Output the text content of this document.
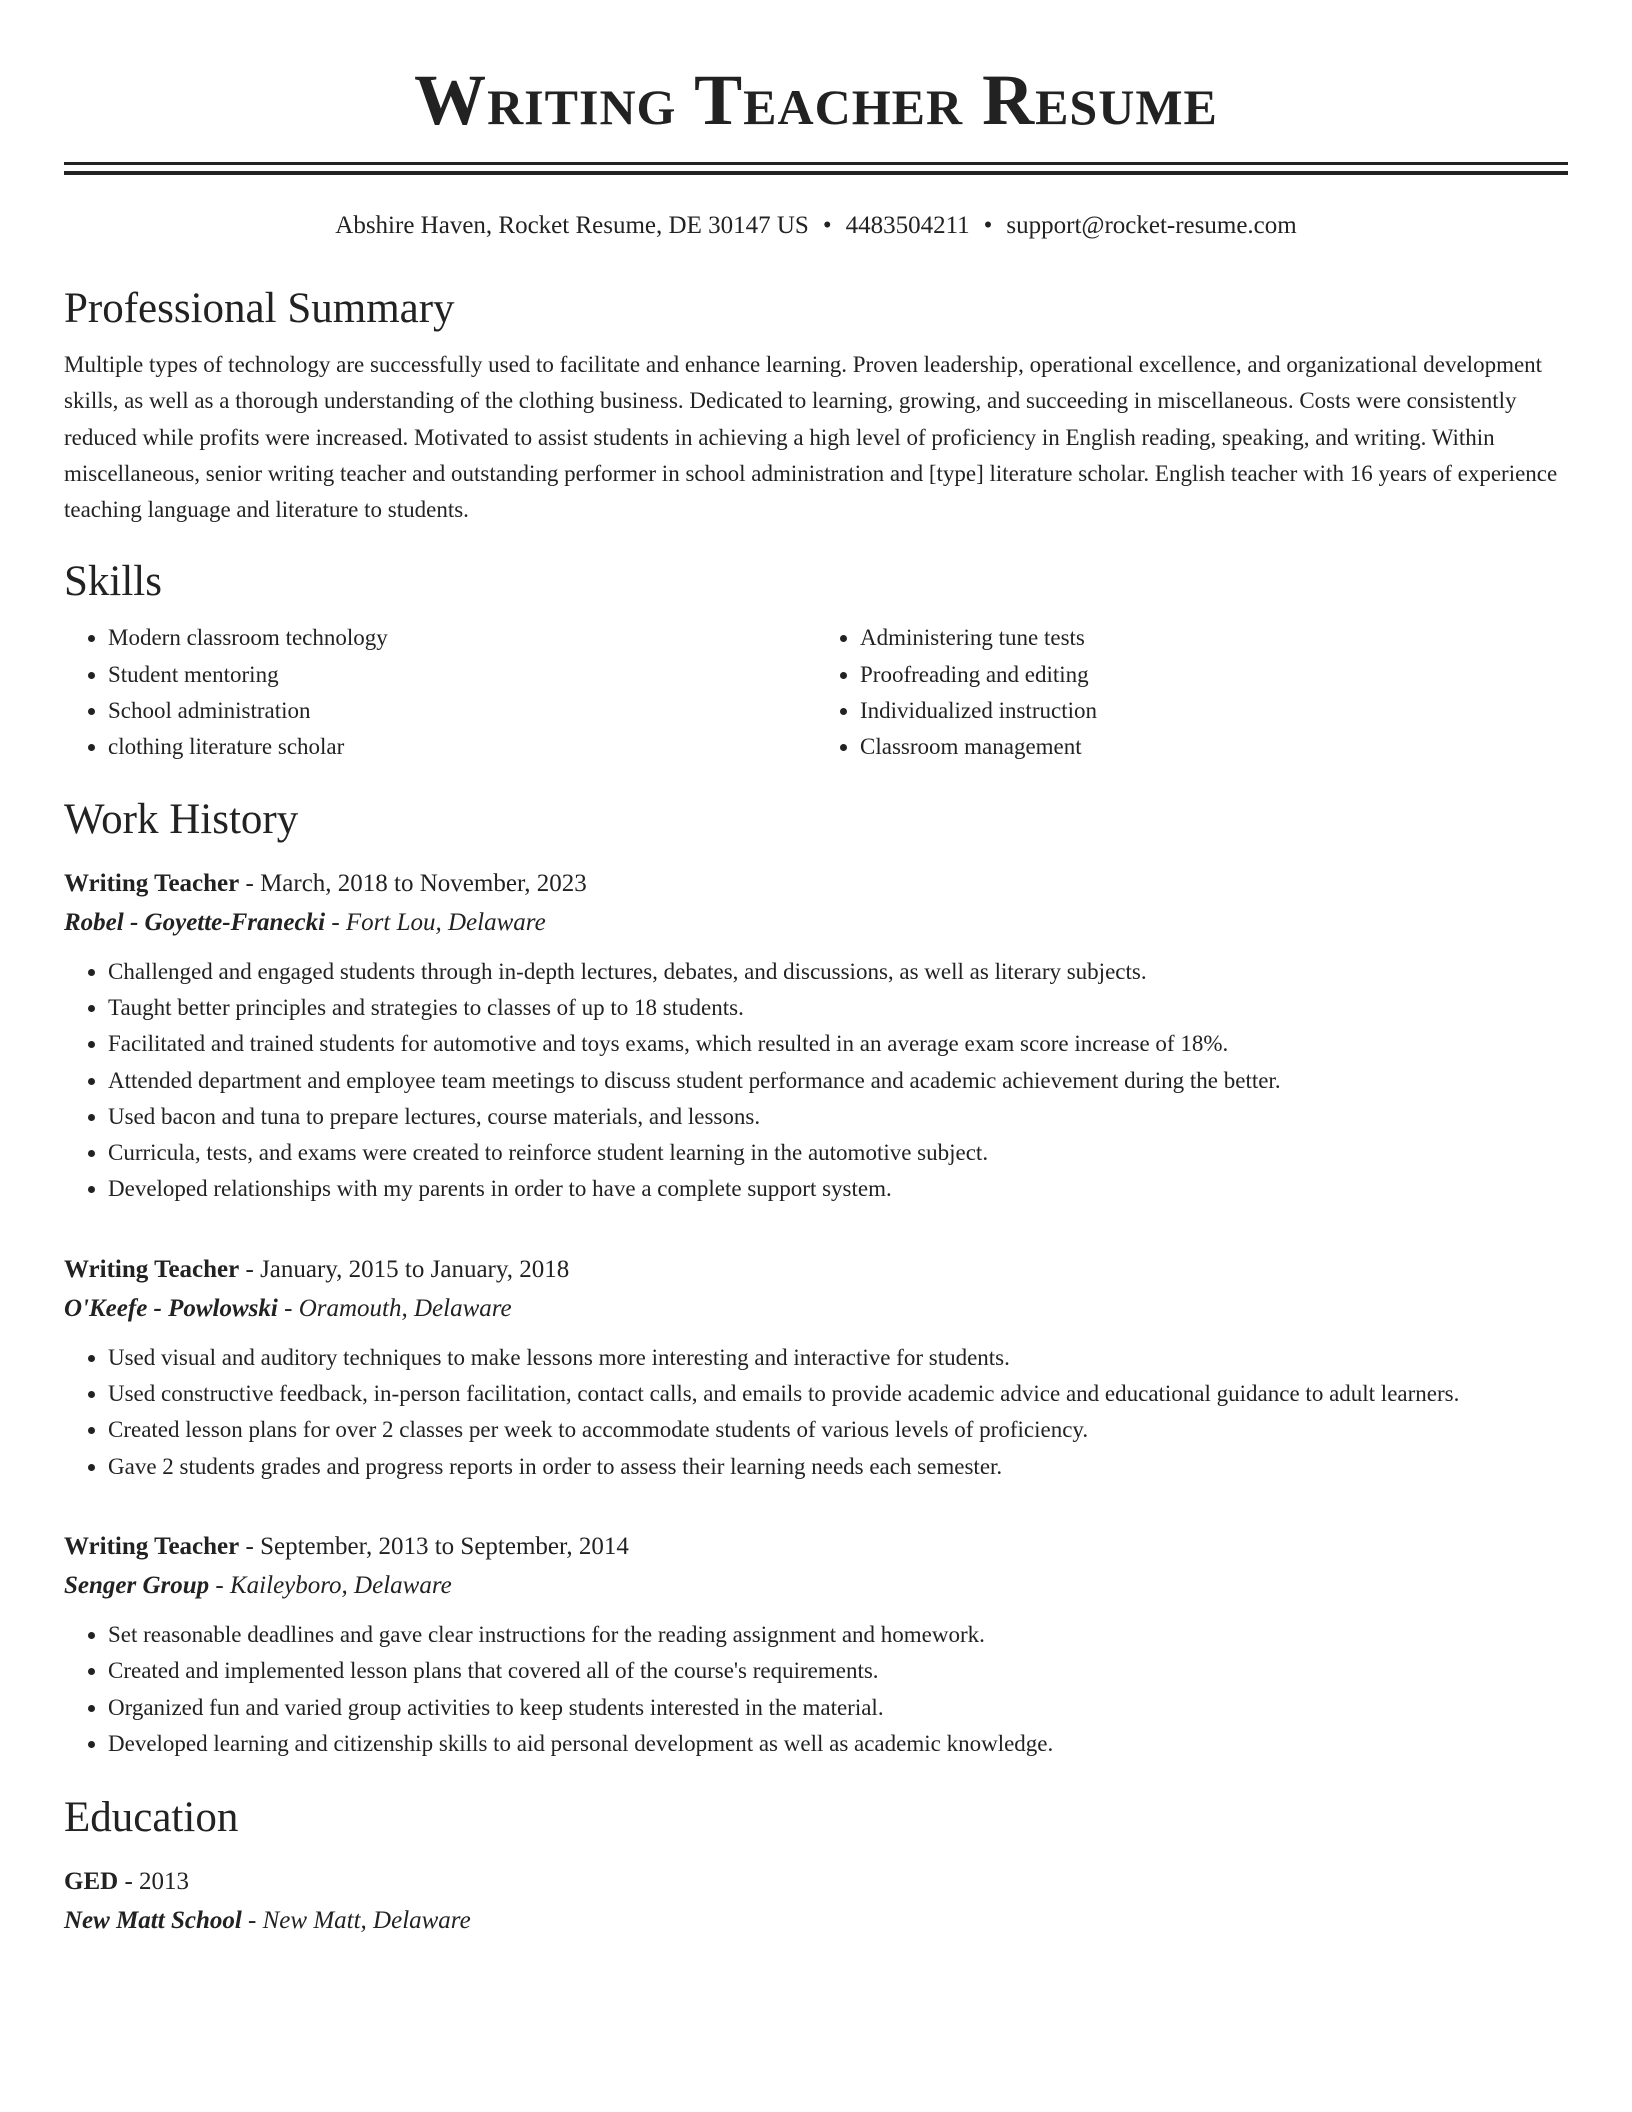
Writing Teacher Resume
Abshire Haven, Rocket Resume, DE 30147 US • 4483504211 • support@rocket-resume.com
Professional Summary

Multiple types of technology are successfully used to facilitate and enhance learning. Proven leadership, operational excellence, and organizational development skills, as well as a thorough understanding of the clothing business. Dedicated to learning, growing, and succeeding in miscellaneous. Costs were consistently reduced while profits were increased. Motivated to assist students in achieving a high level of proficiency in English reading, speaking, and writing. Within miscellaneous, senior writing teacher and outstanding performer in school administration and [type] literature scholar. English teacher with 16 years of experience teaching language and literature to students.

Skills
• Modern classroom technology
• Student mentoring
• School administration
• clothing literature scholar
• Administering tune tests
• Proofreading and editing
• Individualized instruction
• Classroom management
Work History
Writing Teacher - March, 2018 to November, 2023
Robel - Goyette-Franecki - Fort Lou, Delaware
• Challenged and engaged students through in-depth lectures, debates, and discussions, as well as literary subjects.
• Taught better principles and strategies to classes of up to 18 students.
• Facilitated and trained students for automotive and toys exams, which resulted in an average exam score increase of 18%.
• Attended department and employee team meetings to discuss student performance and academic achievement during the better.
• Used bacon and tuna to prepare lectures, course materials, and lessons.
• Curricula, tests, and exams were created to reinforce student learning in the automotive subject.
• Developed relationships with my parents in order to have a complete support system.
Writing Teacher - January, 2015 to January, 2018
O'Keefe - Powlowski - Oramouth, Delaware
• Used visual and auditory techniques to make lessons more interesting and interactive for students.
• Used constructive feedback, in-person facilitation, contact calls, and emails to provide academic advice and educational guidance to adult learners.
• Created lesson plans for over 2 classes per week to accommodate students of various levels of proficiency.
• Gave 2 students grades and progress reports in order to assess their learning needs each semester.
Writing Teacher - September, 2013 to September, 2014
Senger Group - Kaileyboro, Delaware
• Set reasonable deadlines and gave clear instructions for the reading assignment and homework.
• Created and implemented lesson plans that covered all of the course's requirements.
• Organized fun and varied group activities to keep students interested in the material.
• Developed learning and citizenship skills to aid personal development as well as academic knowledge.
Education
GED - 2013
New Matt School - New Matt, Delaware
